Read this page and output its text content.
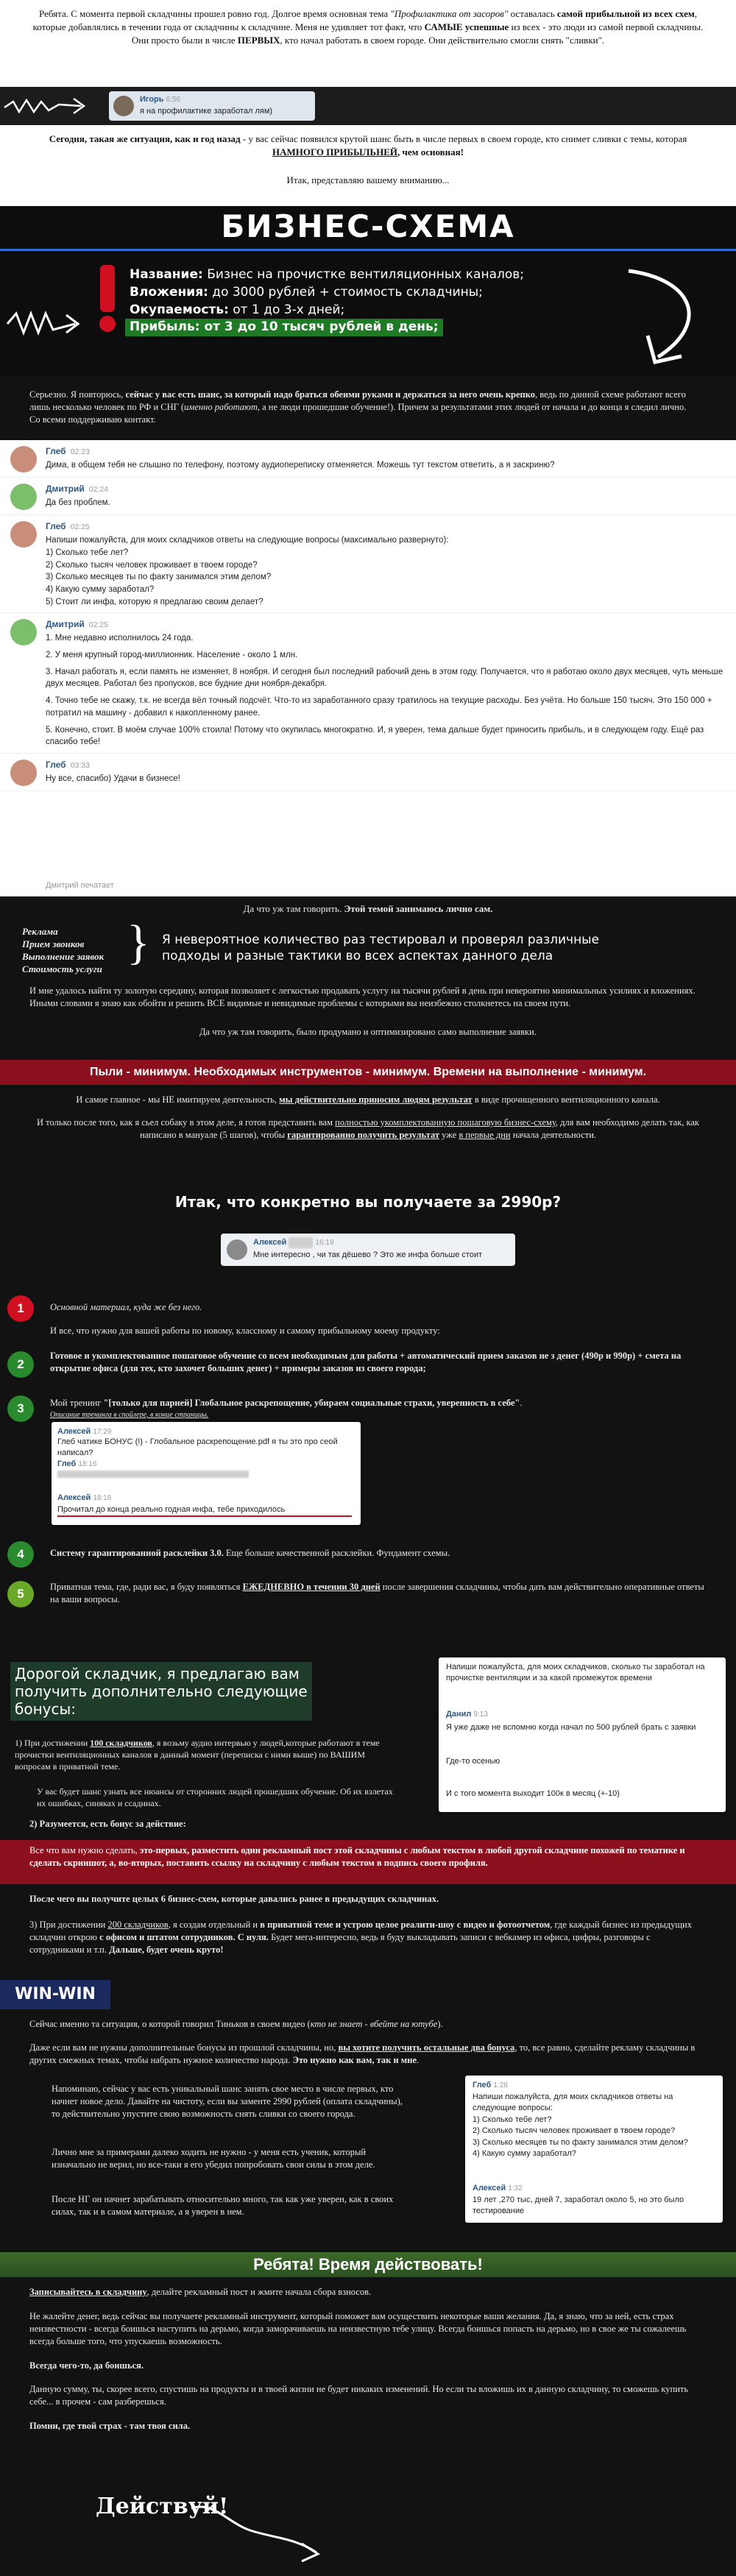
Ребята. С момента первой складчины прошел ровно год. Долгое время основная тема "Профилактика от засоров" оставалась самой прибыльной из всех схем, которые добавлялись в течении года от складчины к складчине. Меня не удивляет тот факт, что САМЫЕ успешные из всех - это люди из самой первой складчины. Они просто были в числе ПЕРВЫХ, кто начал работать в своем городе. Они действительно смогли снять "сливки".

Игорь 6:56
я на профилактике заработал лям)
Сегодня, такая же ситуация, как и год назад - у вас сейчас появился крутой шанс быть в числе первых в своем городе, кто снимет сливки с темы, которая НАМНОГО ПРИБЫЛЬНЕЙ, чем основная!
Итак, представляю вашему вниманию...
БИЗНЕС-СХЕМА
Название: Бизнес на прочистке вентиляционных каналов;
Вложения: до 3000 рублей + стоимость складчины;
Окупаемость: от 1 до 3-х дней;
Прибыль: от 3 до 10 тысяч рублей в день;
Серьезно. Я повторюсь, сейчас у вас есть шанс, за который надо браться обеими руками и держаться за него очень крепко, ведь по данной схеме работают всего лишь несколько человек по РФ и СНГ (именно работают, а не люди прошедшие обучение!). Причем за результатами этих людей от начала и до конца я следил лично.
Со всеми поддерживаю контакт.
Глеб 02:23
Дима, в общем тебя не слышно по телефону, поэтому аудиопереписку отменяется. Можешь тут текстом ответить, а я заскриню?
Дмитрий 02:24
Да без проблем.
Глеб 02:25
Напиши пожалуйста, для моих складчиков ответы на следующие вопросы (максимально развернуто):
1) Сколько тебе лет?
2) Сколько тысяч человек проживает в твоем городе?
3) Сколько месяцев ты по факту занимался этим делом?
4) Какую сумму заработал?
5) Стоит ли инфа, которую я предлагаю своим делает?
Дмитрий 02:25
1. Мне недавно исполнилось 24 года.
2. У меня крупный город-миллионник. Население - около 1 млн.
3. Начал работать я, если память не изменяет, 8 ноября. И сегодня был последний рабочий день в этом году. Получается, что я работаю около двух месяцев, чуть меньше двух месяцев. Работал без пропусков, все будние дни ноября-декабря.
4. Точно тебе не скажу, т.к. не всегда вёл точный подсчёт. Что-то из заработанного сразу тратилось на текущие расходы. Без учёта. Но больше 150 тысяч. Это 150 000 + потратил на машину - добавил к накопленному ранее.
5. Конечно, стоит. В моём случае 100% стоила! Потому что окупилась многократно. И, я уверен, тема дальше будет приносить прибыль, и в следующем году. Ещё раз спасибо тебе!
Глеб 03:33
Ну все, спасибо) Удачи в бизнесе!
Дмитрий печатает
Да что уж там говорить. Этой темой занимаюсь лично сам.
Реклама
Прием звонков
Выполнение заявок
Стоимость услуги } Я невероятное количество раз тестировал и проверял различные подходы и разные тактики во всех аспектах данного дела
И мне удалось найти ту золотую середину, которая позволяет с легкостью продавать услугу на тысячи рублей в день при невероятно минимальных усилиях и вложениях. Иными словами я знаю как обойти и решить ВСЕ видимые и невидимые проблемы с которыми вы неизбежно столкнетесь на своем пути.
Да что уж там говорить, было продумано и оптимизировано само выполнение заявки.
Пыли - минимум. Необходимых инструментов - минимум. Времени на выполнение - минимум.
И самое главное - мы НЕ имитируем деятельность, мы действительно приносим людям результат в виде прочищенного вентиляционного канала.
И только после того, как я сьел собаку в этом деле, я готов представить вам полностью укомплектованную пошаговую бизнес-схему, для вам необходимо делать так, как написано в мануале (5 шагов), чтобы гарантированно получить результат уже в первые дни начала деятельности.
Итак, что конкретно вы получаете за 2990р?
Алексей	16:19
Мне интересно , чи так дёшево ? Это же инфа больше стоит
1	Основной материал, куда же без него.
И все, что нужно для вашей работы по новому, классному и самому прибыльному моему продукту:
2
Готовое и укомплектованное пошаговое обучение со всем необходимым для работы + автоматический прием заказов не з денег (490р и 990р) + смета на открытие офиса (для тех, кто захочет больших денег) + примеры заказов из своего города;
3	Мой тренинг "[только для парней] Глобальное раскрепощение, убираем социальные страхи, уверенность в себе".
Описание тренинга в спойлере, в конце страницы.
Алексей 17:29
Глеб чатике БОНУС (!) - Глобальное раскрепощение.pdf я ты это про сеой написал?
Глеб 18:16
Алексей 18:16
Прочитал до конца реально годная инфа, тебе приходилось
4	Систему гарантированной расклейки 3.0. Еще больше качественной расклейки. Фундамент схемы.
5	Приватная тема, где, ради вас, я буду появляться ЕЖЕДНЕВНО в течении 30 дней после завершения складчины, чтобы дать вам действительно оперативные ответы на ваши вопросы.
Дорогой складчик, я предлагаю вам получить дополнительно следующие бонусы:
1) При достижении 100 складчиков, я возьму аудио интервью у людей,которые работают в теме прочистки вентиляционных каналов в данный момент (переписка с ними выше) по ВАШИМ вопросам в приватной теме.
У вас будет шанс узнать все нюансы от сторонних людей прошедших обучение. Об их взлетах их ошибках, синяках и ссадинах.
2) Разумеется, есть бонус за действие:
Напиши пожалуйста, для моих складчиков, сколько ты заработал на прочистке вентиляции и за какой промежуток времени
Данил 9:13
Я уже даже не вспомню когда начал по 500 рублей брать с заявки
Где-то осенью
И с того момента выходит 100к в месяц (+-10)
Все что вам нужно сделать, это-первых, разместить один рекламный пост этой складчины с любым текстом в любой другой складчине похожей по тематике и сделать скриншот, а, во-вторых, поставить ссылку на складчину с любым текстом в подпись своего профиля.
После чего вы получите целых 6 бизнес-схем, которые давались ранее в предыдущих складчинах.
3) При достижении 200 складчиков, я создам отдельный и в приватной теме и устрою целое реалити-шоу с видео и фотоотчетом, где каждый бизнес из предыдущих складчин открою с офисом и штатом сотрудников. С нуля. Будет мега-интересно, ведь я буду выкладывать записи с вебкамер из офиса, цифры, разговоры с сотрудниками и т.п. Дальше, будет очень круто!
WIN-WIN
Сейчас именно та ситуация, о которой говорил Тиньков в своем видео (кто не знает - вбейте на ютубе).
Даже если вам не нужны дополнительные бонусы из прошлой складчины, но, вы хотите получить остальные два бонуса, то, все равно, сделайте рекламу складчины в других смежных темах, чтобы набрать нужное количество народа. Это нужно как вам, так и мне.
Напоминаю, сейчас у вас есть уникальный шанс занять свое место в числе первых, кто начнет новое дело. Давайте на чистоту, если вы заменте 2990 рублей (оплата складчины), то действительно упустите свою возможность снять сливки со своего города.
Лично мне за примерами далеко ходить не нужно - у меня есть ученик, который изначально не верил, но все-таки я его убедил попробовать свои силы в этом деле.
После НГ он начнет зарабатывать относительно много, так как уже уверен, как в своих силах, так и в самом материале, а я уверен в нем.
Глеб 1:28
Напиши пожалуйста, для моих складчиков ответы на следующие вопросы:
1) Сколько тебе лет?
2) Сколько тысяч человек проживает в твоем городе?
3) Сколько месяцев ты по факту занимался этим делом?
4) Какую сумму заработал?
Алексей 1:32
19 лет ,270 тыс, дней 7, заработал около 5, но это было тестирование
Ребята! Время действовать!
Записывайтесь в складчину, делайте рекламный пост и жмите начала сбора взносов.
Не жалейте денег, ведь сейчас вы получаете рекламный инструмент, который поможет вам осуществить некоторые ваши желания. Да, я знаю, что за ней, есть страх неизвестности - всегда боишься наступить на дерьмо, когда заморачиваешь на неизвестную тебе улицу. Всегда боишься попасть на дерьмо, но в свое же ты сожалеешь всегда больше того, что упускаешь возможность.
Всегда чего-то, да боишься.
Данную сумму, ты, скорее всего, спустишь на продукты и в твоей жизни не будет никаких изменений. Но если ты вложишь их в данную складчину, то сможешь купить себе... в прочем - сам разберешься.
Помни, где твой страх - там твоя сила.
Действуй!
